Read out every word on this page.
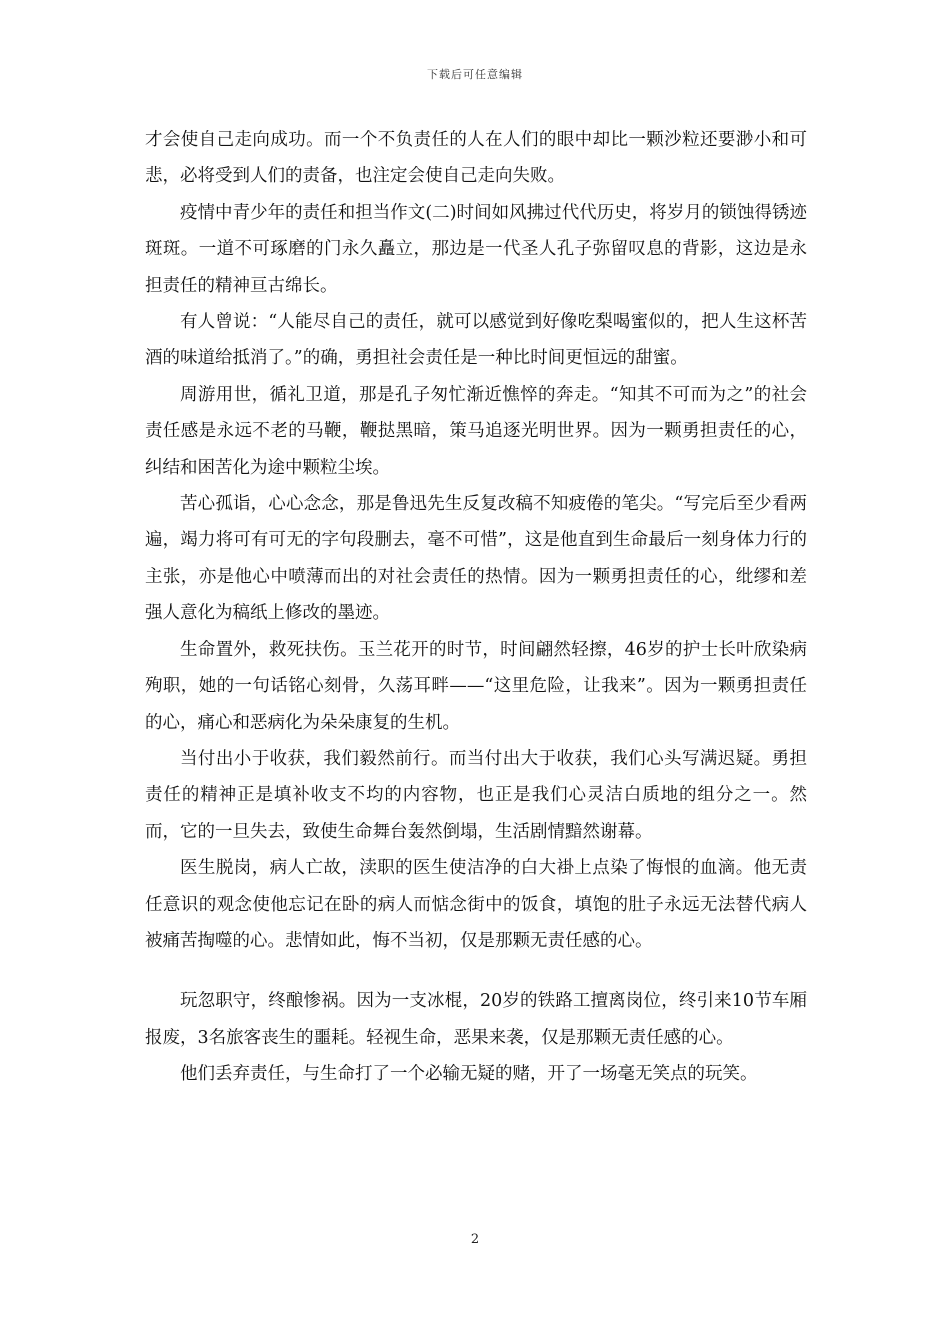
下载后可任意编辑

才会使自己走向成功。而一个不负责任的人在人们的眼中却比一颗沙粒还要渺小和可悲，必将受到人们的责备，也注定会使自己走向失败。

疫情中青少年的责任和担当作文(二)时间如风拂过代代历史，将岁月的锁蚀得锈迹斑斑。一道不可琢磨的门永久矗立，那边是一代圣人孔子弥留叹息的背影，这边是永担责任的精神亘古绵长。

有人曾说：“人能尽自己的责任，就可以感觉到好像吃梨喝蜜似的，把人生这杯苦酒的味道给抵消了。”的确，勇担社会责任是一种比时间更恒远的甜蜜。

周游用世，循礼卫道，那是孔子匆忙渐近憔悴的奔走。“知其不可而为之”的社会责任感是永远不老的马鞭，鞭挞黑暗，策马追逐光明世界。因为一颗勇担责任的心，纠结和困苦化为途中颗粒尘埃。

苦心孤诣，心心念念，那是鲁迅先生反复改稿不知疲倦的笔尖。“写完后至少看两遍，竭力将可有可无的字句段删去，毫不可惜”，这是他直到生命最后一刻身体力行的主张，亦是他心中喷薄而出的对社会责任的热情。因为一颗勇担责任的心，纰缪和差强人意化为稿纸上修改的墨迹。

生命置外，救死扶伤。玉兰花开的时节，时间翩然轻擦，46岁的护士长叶欣染病殉职，她的一句话铭心刻骨，久荡耳畔——“这里危险，让我来”。因为一颗勇担责任的心，痛心和恶病化为朵朵康复的生机。

当付出小于收获，我们毅然前行。而当付出大于收获，我们心头写满迟疑。勇担责任的精神正是填补收支不均的内容物，也正是我们心灵洁白质地的组分之一。然而，它的一旦失去，致使生命舞台轰然倒塌，生活剧情黯然谢幕。

医生脱岗，病人亡故，渎职的医生使洁净的白大褂上点染了悔恨的血滴。他无责任意识的观念使他忘记在卧的病人而惦念街中的饭食，填饱的肚子永远无法替代病人被痛苦掏噬的心。悲情如此，悔不当初，仅是那颗无责任感的心。

玩忽职守，终酿惨祸。因为一支冰棍，20岁的铁路工擅离岗位，终引来10节车厢报废，3名旅客丧生的噩耗。轻视生命，恶果来袭，仅是那颗无责任感的心。

他们丢弃责任，与生命打了一个必输无疑的赌，开了一场毫无笑点的玩笑。

2
